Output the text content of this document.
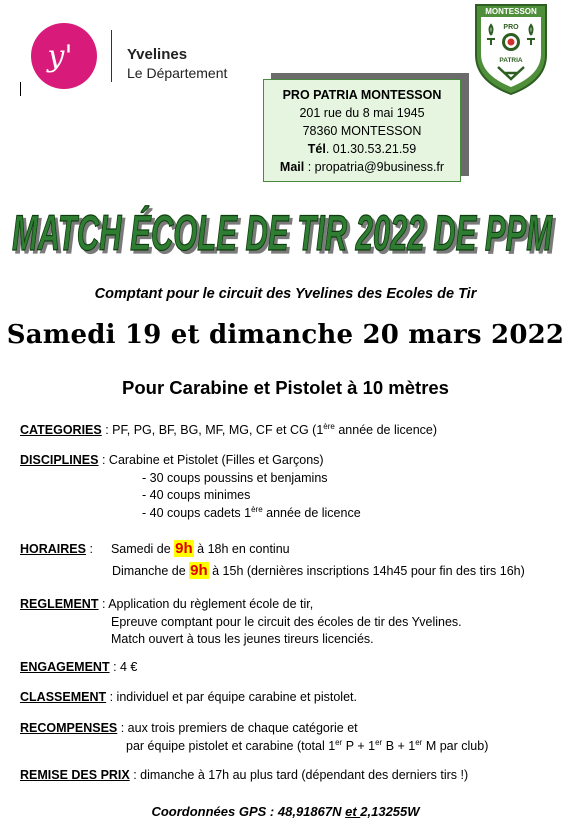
y'	Yvelines
Le Département
PRO PATRIA MONTESSON
201 rue du 8 mai 1945
78360 MONTESSON
Tél. 01.30.53.21.59
Mail : propatria@9business.fr
MONTESSON
PRO
PATRIA
MATCH ÉCOLE DE TIR 2022 DE PPM
Comptant pour le circuit des Yvelines des Ecoles de Tir
Samedi 19 et dimanche 20 mars 2022
Pour Carabine et Pistolet à 10 mètres
CATEGORIES : PF, PG, BF, BG, MF, MG, CF et CG (1ère année de licence)
DISCIPLINES : Carabine et Pistolet (Filles et Garçons)
- 30 coups poussins et benjamins
- 40 coups minimes
- 40 coups cadets 1ère année de licence
HORAIRES : Samedi de 9h à 18h en continu
Dimanche de 9h à 15h (dernières inscriptions 14h45 pour fin des tirs 16h)
REGLEMENT : Application du règlement école de tir,
Epreuve comptant pour le circuit des écoles de tir des Yvelines.
Match ouvert à tous les jeunes tireurs licenciés.
ENGAGEMENT : 4 €
CLASSEMENT : individuel et par équipe carabine et pistolet.
RECOMPENSES : aux trois premiers de chaque catégorie et
par équipe pistolet et carabine (total 1er P + 1er B + 1er M par club)
REMISE DES PRIX : dimanche à 17h au plus tard (dépendant des derniers tirs !)
Coordonnées GPS : 48,91867N et 2,13255W
